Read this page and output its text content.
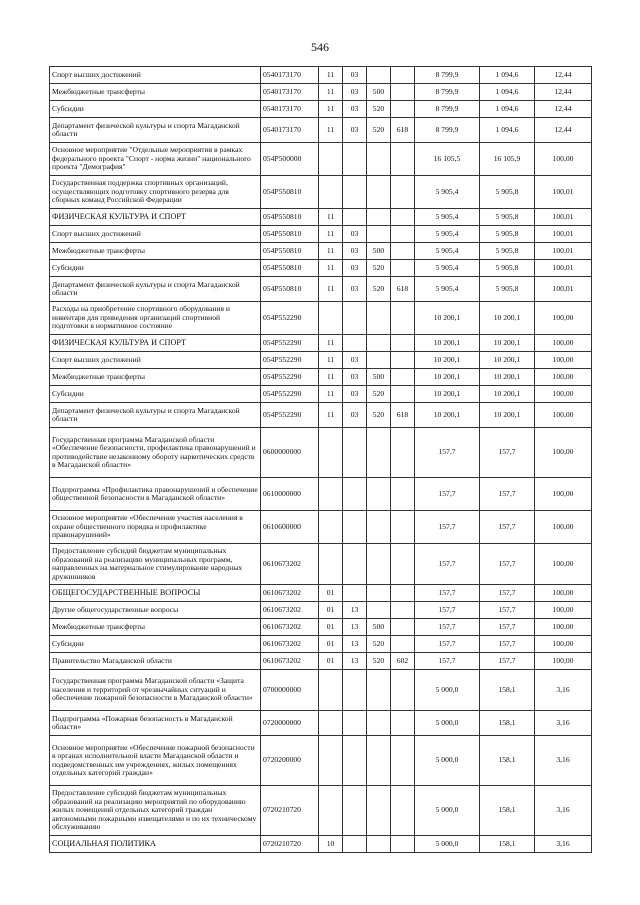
546
Спорт высших достижений	0540173170	11	03			8 799,9	1 094,6	12,44
Межбюджетные трансферты	0540173170	11	03	500		8 799,9	1 094,6	12,44
Субсидии	0540173170	11	03	520		8 799,9	1 094,6	12,44
Департамент физической культуры и спорта Магаданской области	0540173170	11	03	520	618	8 799,9	1 094,6	12,44
Основное мероприятие "Отдельные мероприятия в рамках федерального проекта "Спорт - норма жизни" национального проекта "Демография"	054Р500000					16 105,5	16 105,9	100,00
Государственная поддержка спортивных организаций, осуществляющих подготовку спортивного резерва для сборных команд Российской Федерации	054Р550810					5 905,4	5 905,8	100,01
ФИЗИЧЕСКАЯ КУЛЬТУРА И СПОРТ	054Р550810	11				5 905,4	5 905,8	100,01
Спорт высших достижений	054Р550810	11	03			5 905,4	5 905,8	100,01
Межбюджетные трансферты	054Р550810	11	03	500		5 905,4	5 905,8	100,01
Субсидии	054Р550810	11	03	520		5 905,4	5 905,8	100,01
Департамент физической культуры и спорта Магаданской области	054Р550810	11	03	520	618	5 905,4	5 905,8	100,01
Расходы на приобретение спортивного оборудования и инвентаря для приведения организаций спортивной подготовки в нормативное состояние	054Р552290					10 200,1	10 200,1	100,00
ФИЗИЧЕСКАЯ КУЛЬТУРА И СПОРТ	054Р552290	11				10 200,1	10 200,1	100,00
Спорт высших достижений	054Р552290	11	03			10 200,1	10 200,1	100,00
Межбюджетные трансферты	054Р552290	11	03	500		10 200,1	10 200,1	100,00
Субсидии	054Р552290	11	03	520		10 200,1	10 200,1	100,00
Департамент физической культуры и спорта Магаданской области	054Р552290	11	03	520	618	10 200,1	10 200,1	100,00
Государственная программа Магаданской области «Обеспечение безопасности, профилактика правонарушений и противодействие незаконному обороту наркотических средств в Магаданской области»	0600000000					157,7	157,7	100,00
Подпрограмма «Профилактика правонарушений и обеспечение общественной безопасности в Магаданской области»	0610000000					157,7	157,7	100,00
Основное мероприятие «Обеспечение участия населения в охране общественного порядка и профилактике правонарушений»	0610600000					157,7	157,7	100,00
Предоставление субсидий бюджетам муниципальных образований на реализацию муниципальных программ, направленных на материальное стимулирование народных дружинников	0610673202					157,7	157,7	100,00
ОБЩЕГОСУДАРСТВЕННЫЕ ВОПРОСЫ	0610673202	01				157,7	157,7	100,00
Другие общегосударственные вопросы	0610673202	01	13			157,7	157,7	100,00
Межбюджетные трансферты	0610673202	01	13	500		157,7	157,7	100,00
Субсидии	0610673202	01	13	520		157,7	157,7	100,00
Правительство Магаданской области	0610673202	01	13	520	602	157,7	157,7	100,00
Государственная программа Магаданской области «Защита населения и территорий от чрезвычайных ситуаций и обеспечение пожарной безопасности в Магаданской области»	0700000000					5 000,0	158,1	3,16
Подпрограмма «Пожарная безопасность в Магаданской области»	0720000000					5 000,0	158,1	3,16
Основное мероприятие «Обеспечение пожарной безопасности в органах исполнительной власти Магаданской области и подведомственных им учреждениях, жилых помещениях отдельных категорий граждан»	0720200000					5 000,0	158,1	3,16
Предоставление субсидий бюджетам муниципальных образований на реализацию мероприятий по оборудованию жилых помещений отдельных категорий граждан автономными пожарными извещателями и по их техническому обслуживанию	0720210720					5 000,0	158,1	3,16
СОЦИАЛЬНАЯ ПОЛИТИКА	0720210720	10				5 000,0	158,1	3,16
